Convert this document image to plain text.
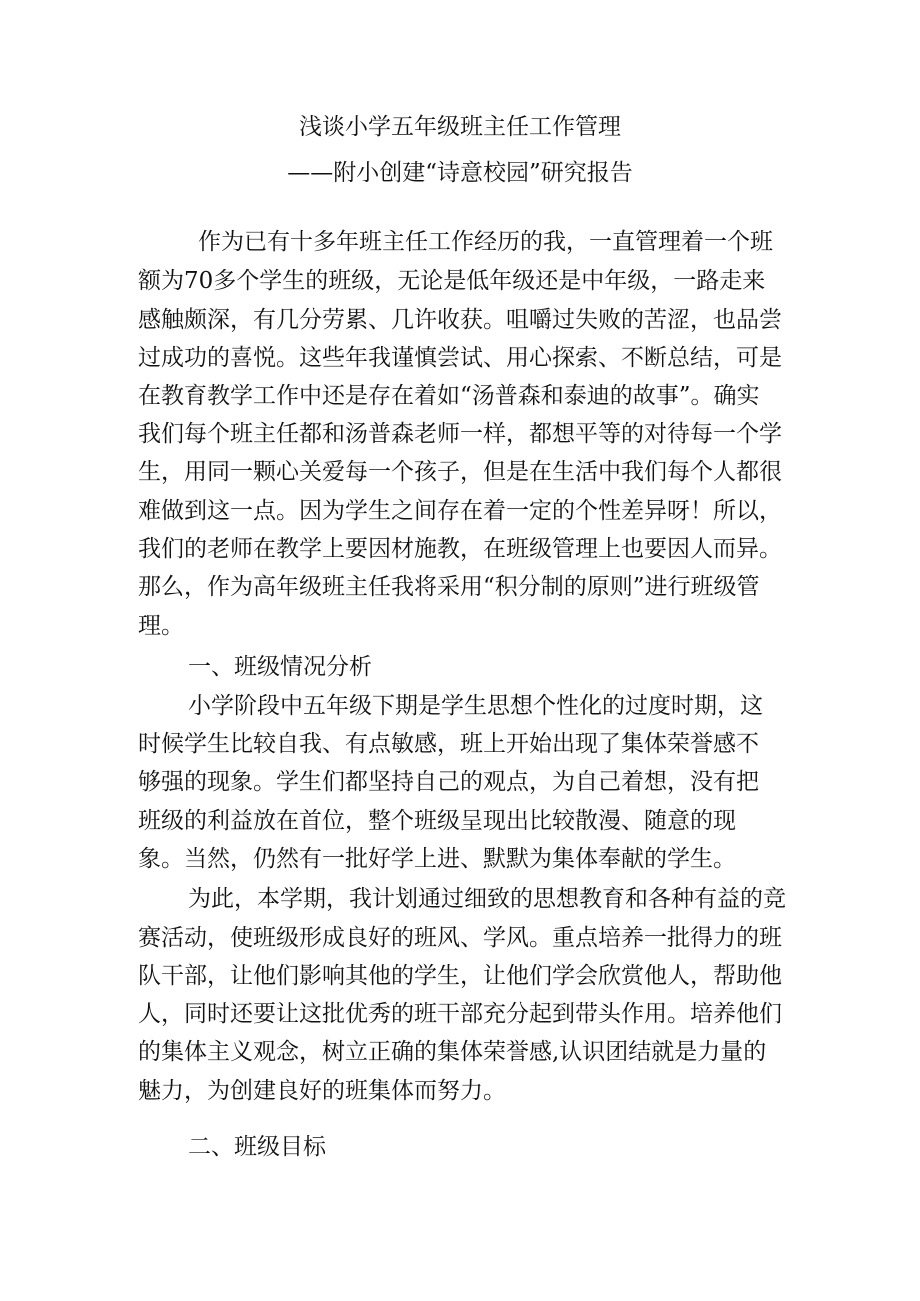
浅谈小学五年级班主任工作管理
——附小创建“诗意校园”研究报告

作为已有十多年班主任工作经历的我，一直管理着一个班

额为70多个学生的班级，无论是低年级还是中年级，一路走来

感触颇深，有几分劳累、几许收获。咀嚼过失败的苦涩，也品尝

过成功的喜悦。这些年我谨慎尝试、用心探索、不断总结，可是

在教育教学工作中还是存在着如“汤普森和泰迪的故事”。确实

我们每个班主任都和汤普森老师一样，都想平等的对待每一个学

生，用同一颗心关爱每一个孩子，但是在生活中我们每个人都很

难做到这一点。因为学生之间存在着一定的个性差异呀！所以，

我们的老师在教学上要因材施教，在班级管理上也要因人而异。

那么，作为高年级班主任我将采用“积分制的原则”进行班级管

理。

一、班级情况分析

小学阶段中五年级下期是学生思想个性化的过度时期，这

时候学生比较自我、有点敏感，班上开始出现了集体荣誉感不

够强的现象。学生们都坚持自己的观点，为自己着想，没有把

班级的利益放在首位，整个班级呈现出比较散漫、随意的现

象。当然，仍然有一批好学上进、默默为集体奉献的学生。

为此，本学期，我计划通过细致的思想教育和各种有益的竞

赛活动，使班级形成良好的班风、学风。重点培养一批得力的班

队干部，让他们影响其他的学生，让他们学会欣赏他人，帮助他

人，同时还要让这批优秀的班干部充分起到带头作用。培养他们

的集体主义观念，树立正确的集体荣誉感,认识团结就是力量的

魅力，为创建良好的班集体而努力。

二、班级目标
